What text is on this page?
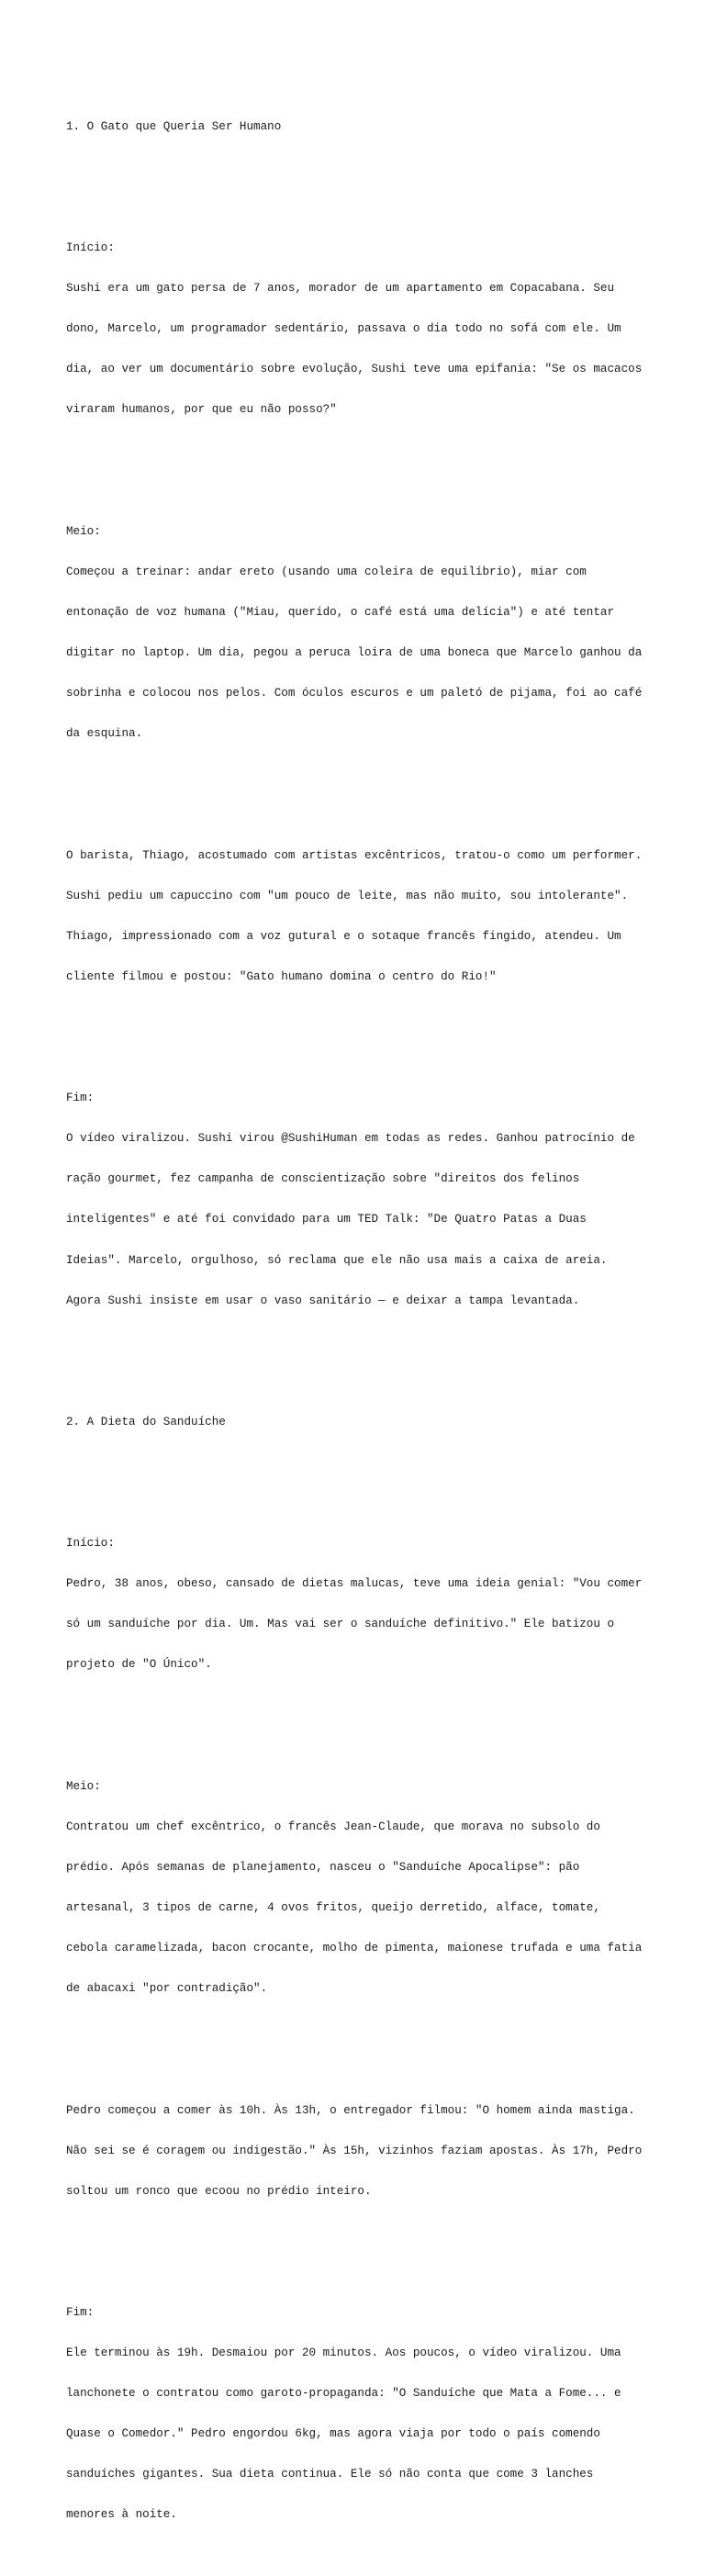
1. O Gato que Queria Ser Humano

Início:

Sushi era um gato persa de 7 anos, morador de um apartamento em Copacabana. Seu

dono, Marcelo, um programador sedentário, passava o dia todo no sofá com ele. Um

dia, ao ver um documentário sobre evolução, Sushi teve uma epifania: "Se os macacos

viraram humanos, por que eu não posso?"

Meio:

Começou a treinar: andar ereto (usando uma coleira de equilíbrio), miar com

entonação de voz humana ("Miau, querido, o café está uma delícia") e até tentar

digitar no laptop. Um dia, pegou a peruca loira de uma boneca que Marcelo ganhou da

sobrinha e colocou nos pelos. Com óculos escuros e um paletó de pijama, foi ao café

da esquina.

O barista, Thiago, acostumado com artistas excêntricos, tratou-o como um performer.

Sushi pediu um capuccino com "um pouco de leite, mas não muito, sou intolerante".

Thiago, impressionado com a voz gutural e o sotaque francês fingido, atendeu. Um

cliente filmou e postou: "Gato humano domina o centro do Rio!"

Fim:

O vídeo viralizou. Sushi virou @SushiHuman em todas as redes. Ganhou patrocínio de

ração gourmet, fez campanha de conscientização sobre "direitos dos felinos

inteligentes" e até foi convidado para um TED Talk: "De Quatro Patas a Duas

Ideias". Marcelo, orgulhoso, só reclama que ele não usa mais a caixa de areia.

Agora Sushi insiste em usar o vaso sanitário — e deixar a tampa levantada.

2. A Dieta do Sanduíche

Início:

Pedro, 38 anos, obeso, cansado de dietas malucas, teve uma ideia genial: "Vou comer

só um sanduíche por dia. Um. Mas vai ser o sanduíche definitivo." Ele batizou o

projeto de "O Único".

Meio:

Contratou um chef excêntrico, o francês Jean-Claude, que morava no subsolo do

prédio. Após semanas de planejamento, nasceu o "Sanduíche Apocalipse": pão

artesanal, 3 tipos de carne, 4 ovos fritos, queijo derretido, alface, tomate,

cebola caramelizada, bacon crocante, molho de pimenta, maionese trufada e uma fatia

de abacaxi "por contradição".

Pedro começou a comer às 10h. Às 13h, o entregador filmou: "O homem ainda mastiga.

Não sei se é coragem ou indigestão." Às 15h, vizinhos faziam apostas. Às 17h, Pedro

soltou um ronco que ecoou no prédio inteiro.

Fim:

Ele terminou às 19h. Desmaiou por 20 minutos. Aos poucos, o vídeo viralizou. Uma

lanchonete o contratou como garoto-propaganda: "O Sanduíche que Mata a Fome... e

Quase o Comedor." Pedro engordou 6kg, mas agora viaja por todo o país comendo

sanduíches gigantes. Sua dieta continua. Ele só não conta que come 3 lanches

menores à noite.
